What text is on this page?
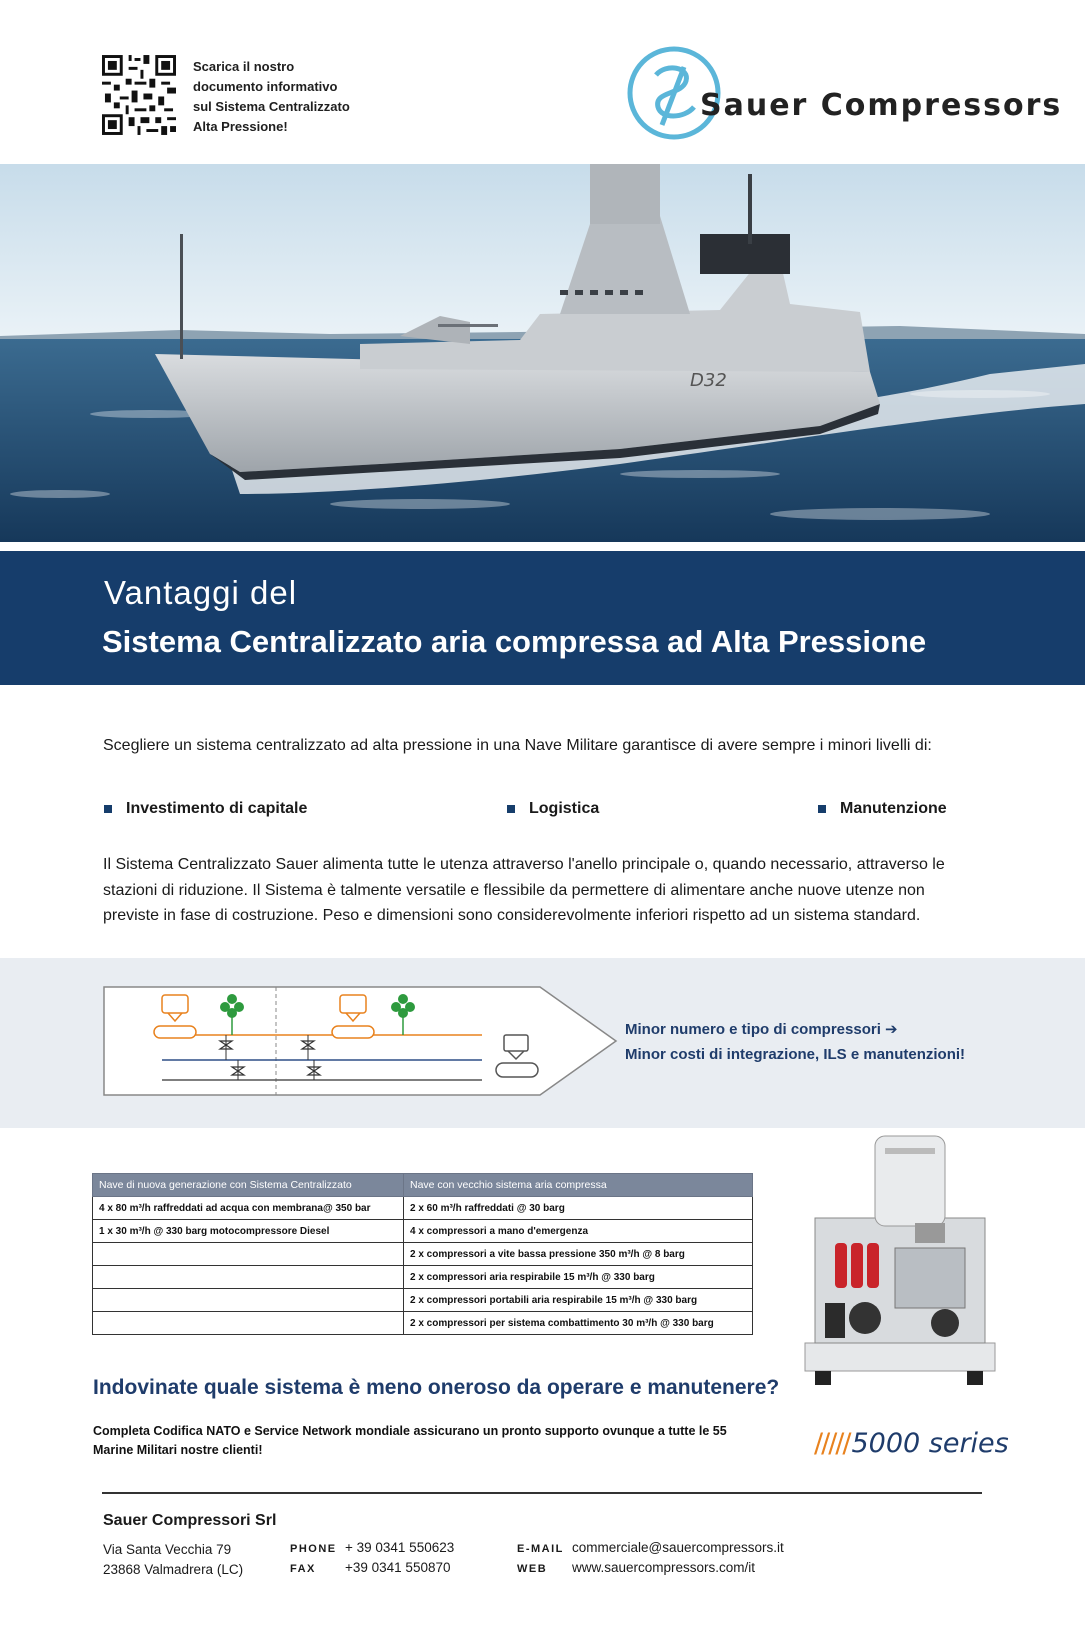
Scarica il nostro
documento informativo
sul Sistema Centralizzato
Alta Pressione!
Sauer Compressors
D32
Vantaggi del
Sistema Centralizzato aria compressa ad Alta Pressione
Scegliere un sistema centralizzato ad alta pressione in una Nave Militare garantisce di avere sempre i minori livelli di:
Investimento di capitale	Logistica	Manutenzione
Il Sistema Centralizzato Sauer alimenta tutte le utenza attraverso l'anello principale o, quando necessario, attraverso le stazioni di riduzione. Il Sistema è talmente versatile e flessibile da permettere di alimentare anche nuove utenze non previste in fase di costruzione. Peso e dimensioni sono considerevolmente inferiori rispetto ad un sistema standard.
Minor numero e tipo di compressori ➔
Minor costi di integrazione, ILS e manutenzioni!
Nave di nuova generazione con Sistema Centralizzato	Nave con vecchio sistema aria compressa
4 x 80 m³/h raffreddati ad acqua con membrana@ 350 bar	2 x 60 m³/h raffreddati @ 30 barg
1 x 30 m³/h @ 330 barg motocompressore Diesel	4 x compressori a mano d'emergenza
	2 x compressori a vite bassa pressione 350 m³/h @ 8 barg
	2 x compressori aria respirabile 15 m³/h @ 330 barg
	2 x compressori portabili aria respirabile 15 m³/h @ 330 barg
	2 x compressori per sistema combattimento 30 m³/h @ 330 barg
Indovinate quale sistema è meno oneroso da operare e manutenere?
Completa Codifica NATO e Service Network mondiale assicurano un pronto supporto ovunque a tutte le 55 Marine Militari nostre clienti!	/////5000 series
Sauer Compressori Srl
Via Santa Vecchia 79
23868 Valmadrera (LC)
PHONE + 39 0341 550623
FAX +39 0341 550870
E-MAIL commerciale@sauercompressors.it
WEB www.sauercompressors.com/it
